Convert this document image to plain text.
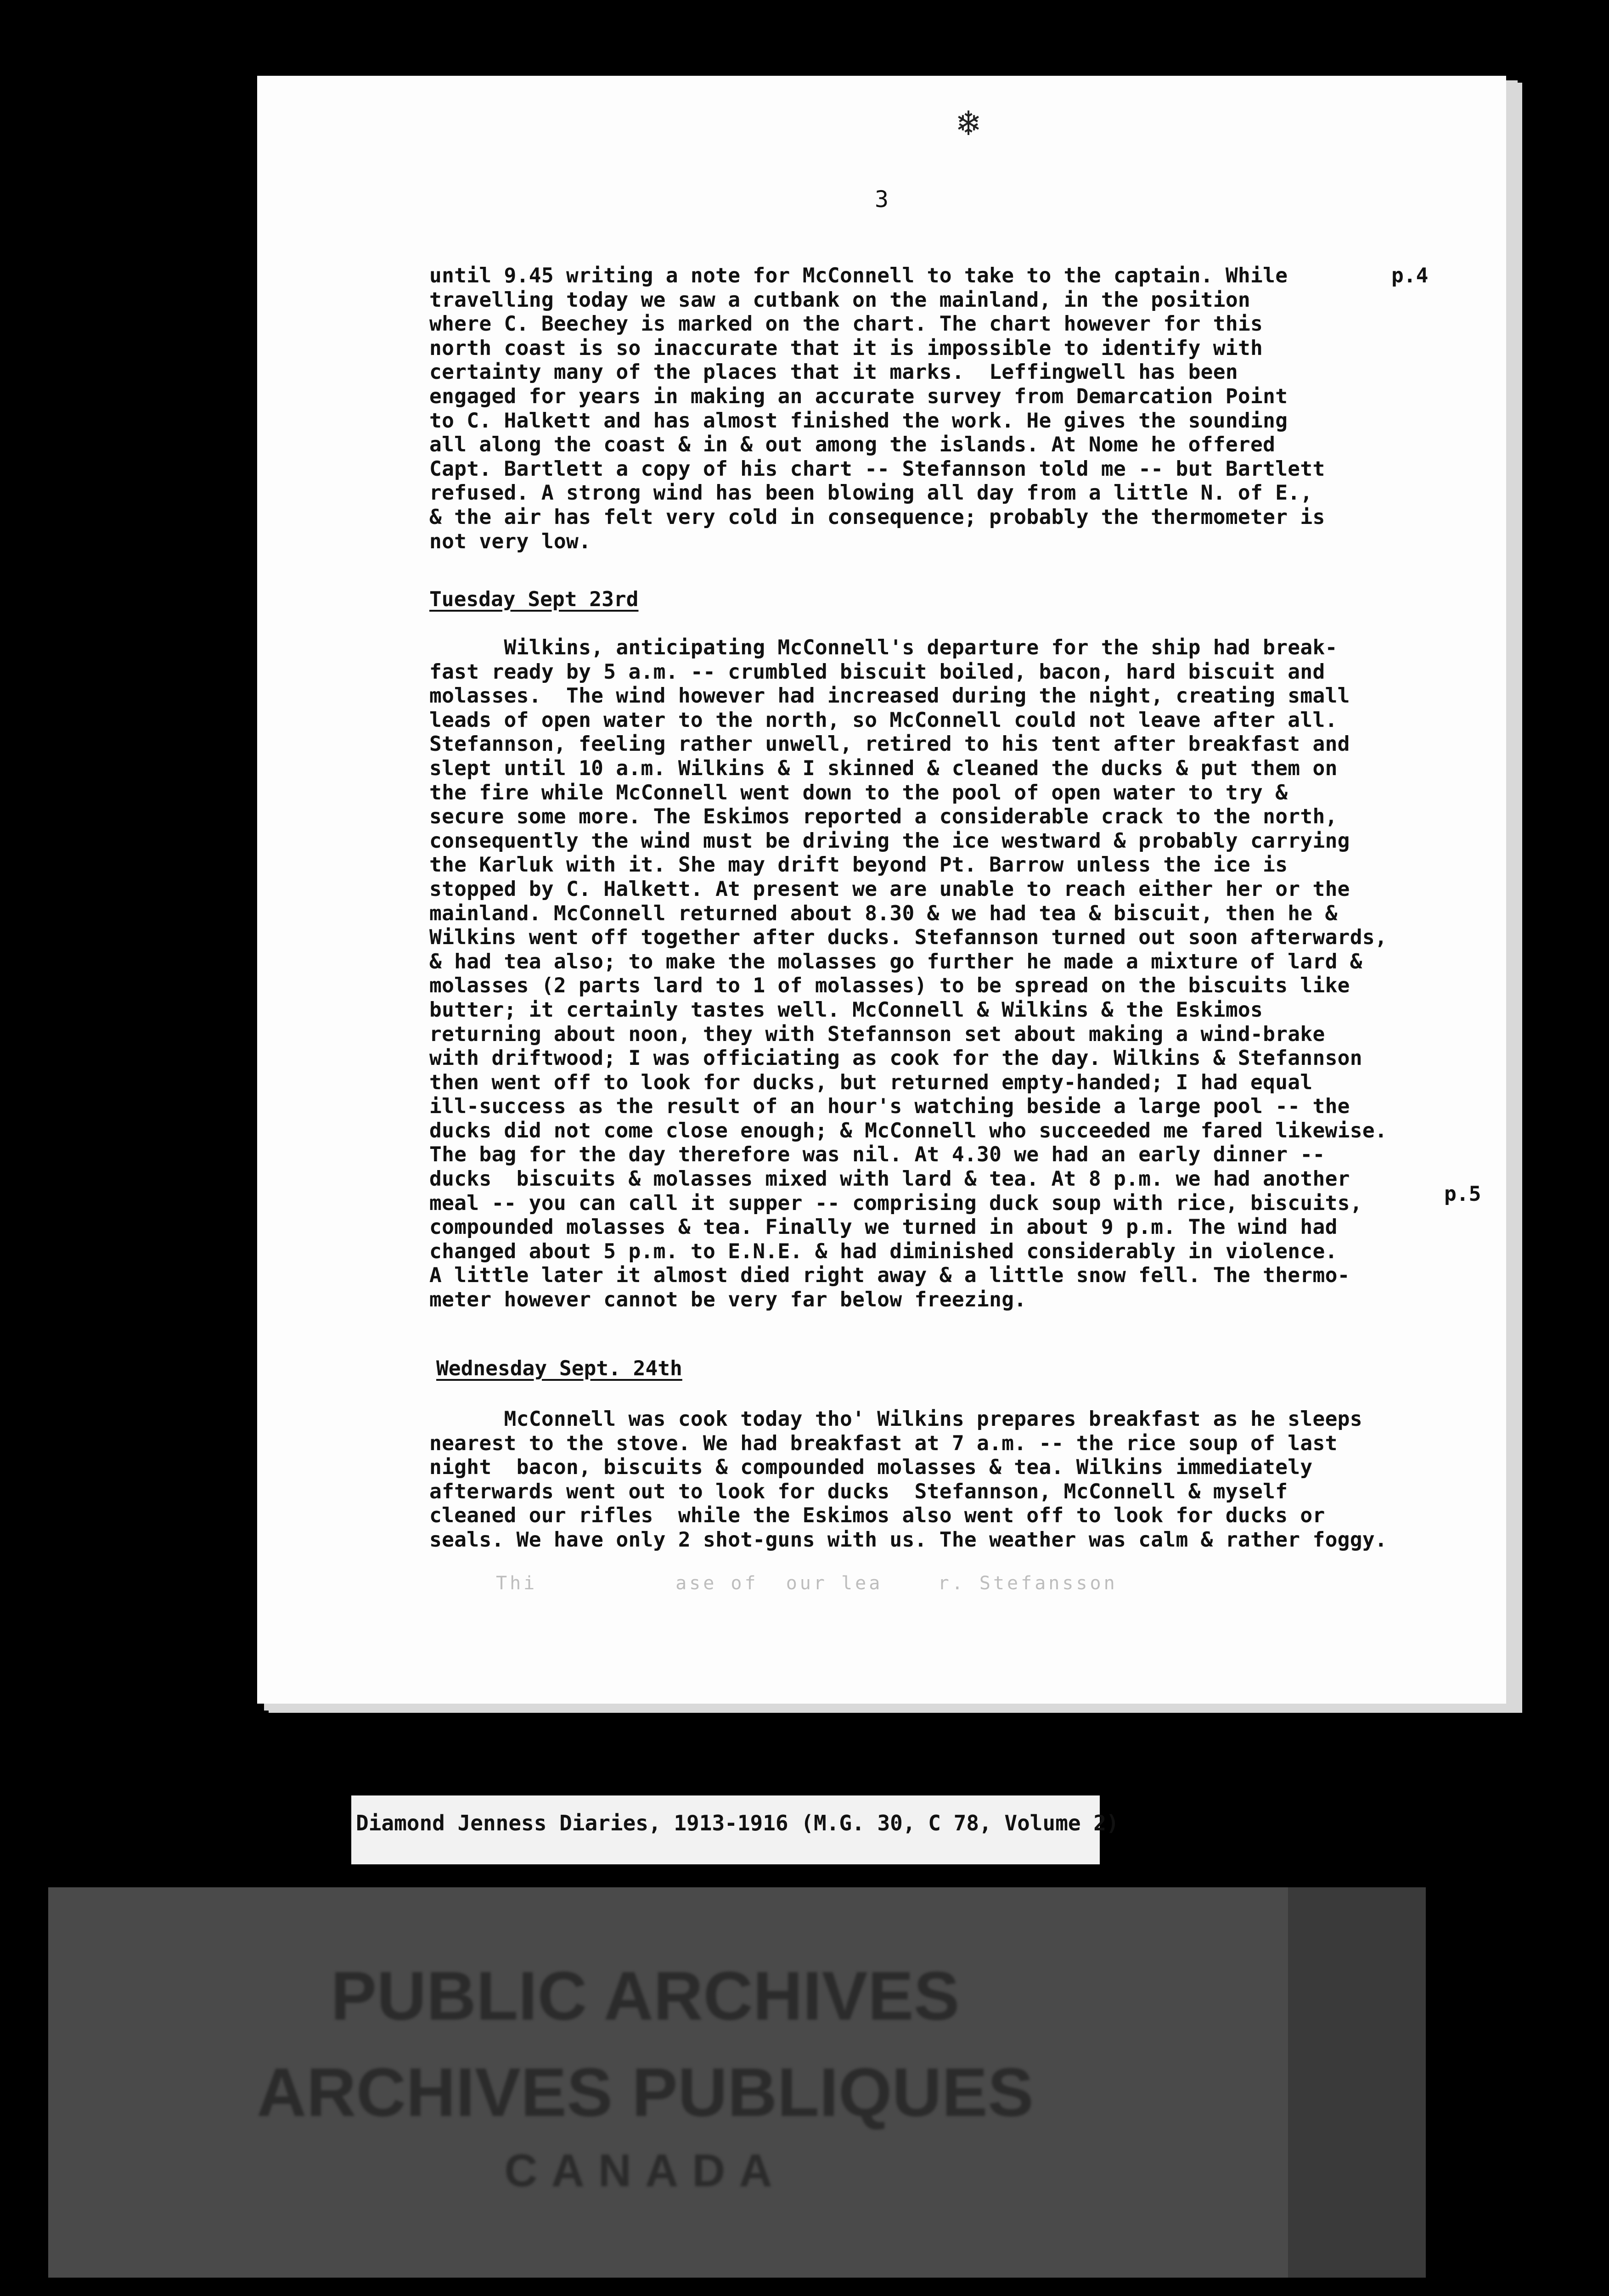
❄
3
p.4
until 9.45 writing a note for McConnell to take to the captain. While
travelling today we saw a cutbank on the mainland, in the position
where C. Beechey is marked on the chart. The chart however for this
north coast is so inaccurate that it is impossible to identify with
certainty many of the places that it marks.  Leffingwell has been
engaged for years in making an accurate survey from Demarcation Point
to C. Halkett and has almost finished the work. He gives the sounding
all along the coast & in & out among the islands. At Nome he offered
Capt. Bartlett a copy of his chart -- Stefannson told me -- but Bartlett
refused. A strong wind has been blowing all day from a little N. of E.,
& the air has felt very cold in consequence; probably the thermometer is
not very low.
Tuesday Sept 23rd
Wilkins, anticipating McConnell's departure for the ship had break-
fast ready by 5 a.m. -- crumbled biscuit boiled, bacon, hard biscuit and
molasses.  The wind however had increased during the night, creating small
leads of open water to the north, so McConnell could not leave after all.
Stefannson, feeling rather unwell, retired to his tent after breakfast and
slept until 10 a.m. Wilkins & I skinned & cleaned the ducks & put them on
the fire while McConnell went down to the pool of open water to try &
secure some more. The Eskimos reported a considerable crack to the north,
consequently the wind must be driving the ice westward & probably carrying
the Karluk with it. She may drift beyond Pt. Barrow unless the ice is
stopped by C. Halkett. At present we are unable to reach either her or the
mainland. McConnell returned about 8.30 & we had tea & biscuit, then he &
Wilkins went off together after ducks. Stefannson turned out soon afterwards,
& had tea also; to make the molasses go further he made a mixture of lard &
molasses (2 parts lard to 1 of molasses) to be spread on the biscuits like
butter; it certainly tastes well. McConnell & Wilkins & the Eskimos
returning about noon, they with Stefannson set about making a wind-brake
with driftwood; I was officiating as cook for the day. Wilkins & Stefannson
then went off to look for ducks, but returned empty-handed; I had equal
ill-success as the result of an hour's watching beside a large pool -- the
ducks did not come close enough; & McConnell who succeeded me fared likewise.
The bag for the day therefore was nil. At 4.30 we had an early dinner --
ducks  biscuits & molasses mixed with lard & tea. At 8 p.m. we had another
meal -- you can call it supper -- comprising duck soup with rice, biscuits,
compounded molasses & tea. Finally we turned in about 9 p.m. The wind had
changed about 5 p.m. to E.N.E. & had diminished considerably in violence.
A little later it almost died right away & a little snow fell. The thermo-
meter however cannot be very far below freezing.
p.5
Wednesday Sept. 24th
McConnell was cook today tho' Wilkins prepares breakfast as he sleeps
nearest to the stove. We had breakfast at 7 a.m. -- the rice soup of last
night  bacon, biscuits & compounded molasses & tea. Wilkins immediately
afterwards went out to look for ducks  Stefannson, McConnell & myself
cleaned our rifles  while the Eskimos also went off to look for ducks or
seals. We have only 2 shot-guns with us. The weather was calm & rather foggy.
Thi          ase of  our lea    r. Stefansson
Diamond Jenness Diaries, 1913-1916 (M.G. 30, C 78, Volume 2)
PUBLIC ARCHIVES
ARCHIVES PUBLIQUES
CANADA
